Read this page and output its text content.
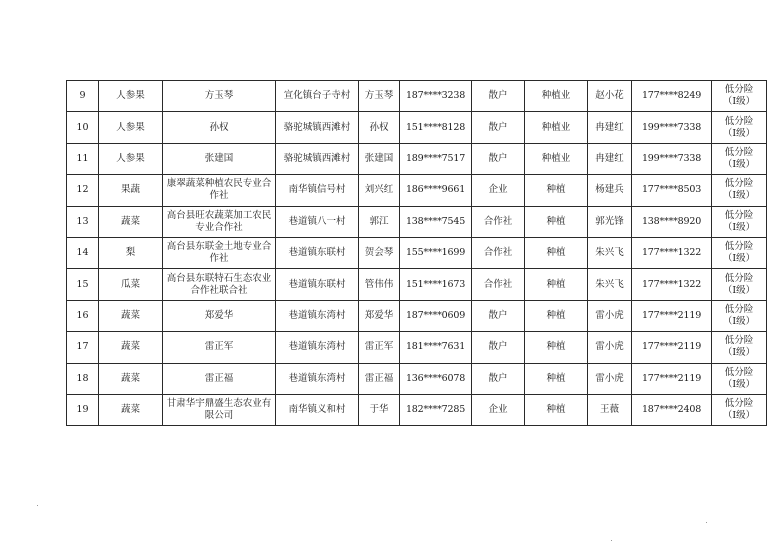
9	人参果	方玉琴	宣化镇台子寺村	方玉琴	187****3238	散户	种植业	赵小花	177****8249	低分险
（Ⅰ级）

10	人参果	孙权	骆驼城镇西滩村	孙权	151****8128	散户	种植业	冉建红	199****7338	低分险
（Ⅰ级）

11	人参果	张建国	骆驼城镇西滩村	张建国	189****7517	散户	种植业	冉建红	199****7338	低分险
（Ⅰ级）

12	果蔬	康翠蔬菜种植农民专业合作社	南华镇信号村	刘兴红	186****9661	企业	种植	杨建兵	177****8503	低分险
（Ⅰ级）

13	蔬菜	高台县旺农蔬菜加工农民专业合作社	巷道镇八一村	郭江	138****7545	合作社	种植	郭光锋	138****8920	低分险
（Ⅰ级）

14	梨	高台县东联金土地专业合作社	巷道镇东联村	贺会琴	155****1699	合作社	种植	朱兴飞	177****1322	低分险
（Ⅰ级）

15	瓜菜	高台县东联特石生态农业合作社联合社	巷道镇东联村	管伟伟	151****1673	合作社	种植	朱兴飞	177****1322	低分险
（Ⅰ级）

16	蔬菜	郑爱华	巷道镇东湾村	郑爱华	187****0609	散户	种植	雷小虎	177****2119	低分险
（Ⅰ级）

17	蔬菜	雷正军	巷道镇东湾村	雷正军	181****7631	散户	种植	雷小虎	177****2119	低分险
（Ⅰ级）

18	蔬菜	雷正福	巷道镇东湾村	雷正福	136****6078	散户	种植	雷小虎	177****2119	低分险
（Ⅰ级）

19	蔬菜	甘肃华宇鼎盛生态农业有限公司	南华镇义和村	于华	182****7285	企业	种植	王薇	187****2408	低分险
（Ⅰ级）
